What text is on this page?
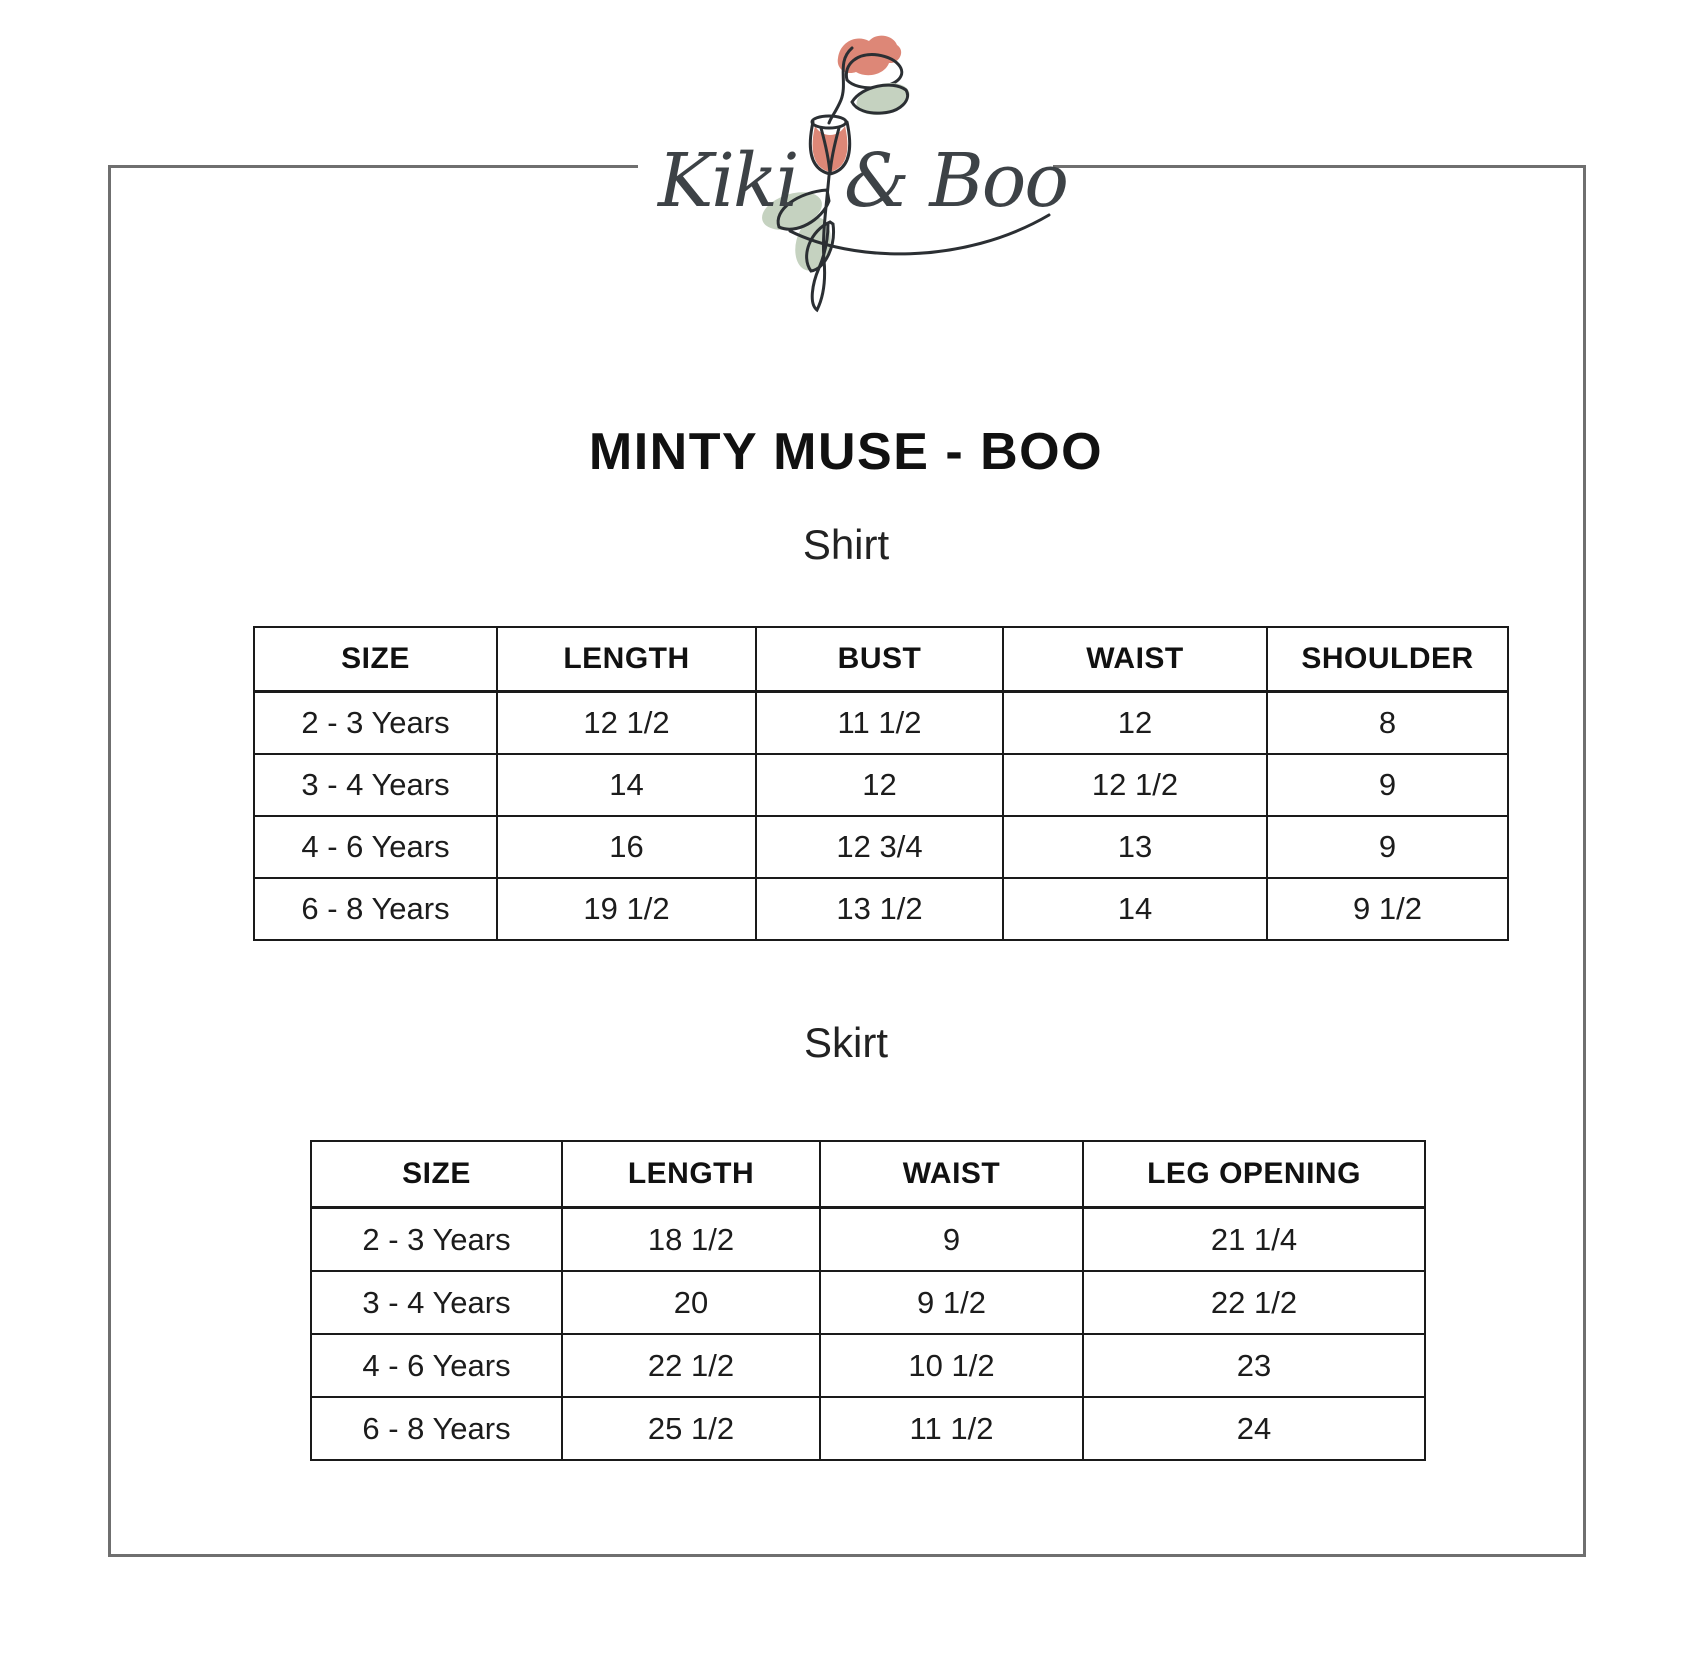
Kiki & Boo
MINTY MUSE - BOO
Shirt
SIZE	LENGTH	BUST	WAIST	SHOULDER
2 - 3 Years	12 1/2	11 1/2	12	8
3 - 4 Years	14	12	12 1/2	9
4 - 6 Years	16	12 3/4	13	9
6 - 8 Years	19 1/2	13 1/2	14	9 1/2
Skirt
SIZE	LENGTH	WAIST	LEG OPENING
2 - 3 Years	18 1/2	9	21 1/4
3 - 4 Years	20	9 1/2	22 1/2
4 - 6 Years	22 1/2	10 1/2	23
6 - 8 Years	25 1/2	11 1/2	24
